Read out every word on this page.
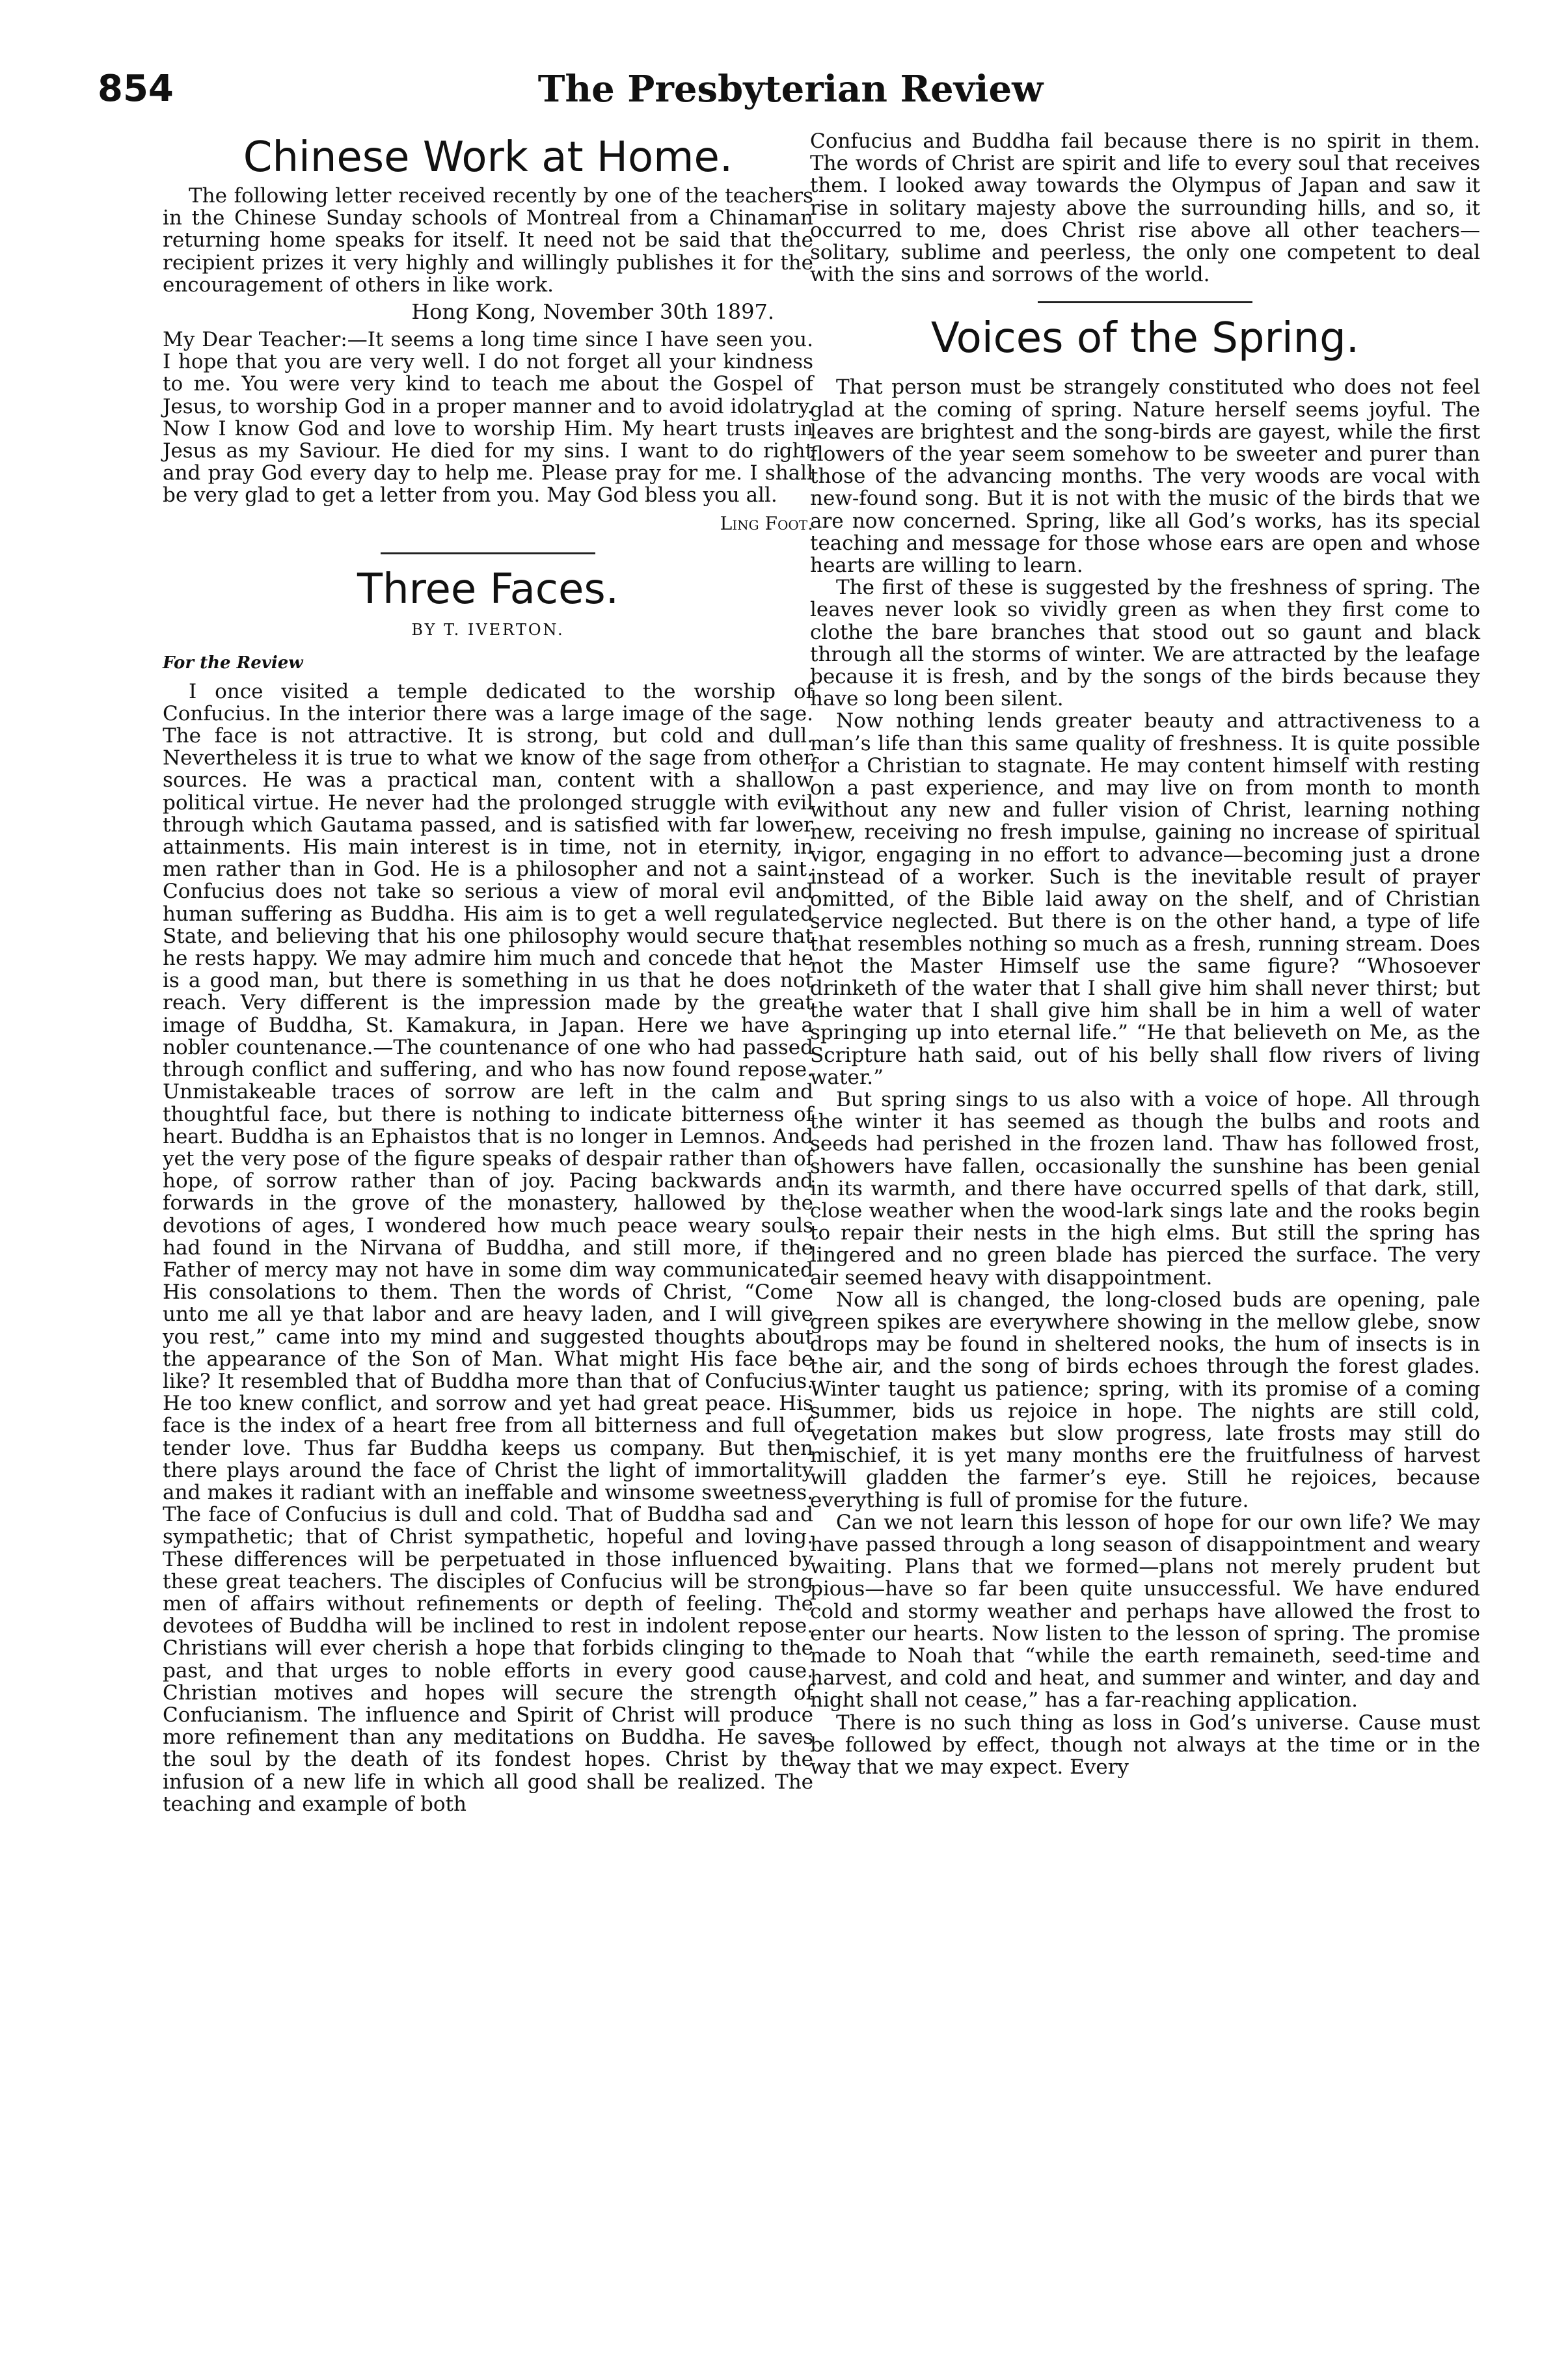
854	The Presbyterian Review
Chinese Work at Home.

The following letter received recently by one of the teachers in the Chinese Sunday schools of Montreal from a Chinaman returning home speaks for itself. It need not be said that the recipient prizes it very highly and willingly publishes it for the encouragement of others in like work.

Hong Kong, November 30th 1897.

My Dear Teacher:—It seems a long time since I have seen you. I hope that you are very well. I do not forget all your kindness to me. You were very kind to teach me about the Gospel of Jesus, to worship God in a proper manner and to avoid idolatry. Now I know God and love to worship Him. My heart trusts in Jesus as my Saviour. He died for my sins. I want to do right and pray God every day to help me. Please pray for me. I shall be very glad to get a letter from you. May God bless you all.

Ling Foot.
Three Faces.
BY T. IVERTON.
For the Review

I once visited a temple dedicated to the worship of Confucius. In the interior there was a large image of the sage. The face is not attractive. It is strong, but cold and dull. Nevertheless it is true to what we know of the sage from other sources. He was a practical man, content with a shallow political virtue. He never had the prolonged struggle with evil through which Gautama passed, and is satisfied with far lower attainments. His main interest is in time, not in eternity, in men rather than in God. He is a philosopher and not a saint. Confucius does not take so serious a view of moral evil and human suffering as Buddha. His aim is to get a well regulated State, and believing that his one philosophy would secure that he rests happy. We may admire him much and concede that he is a good man, but there is something in us that he does not reach. Very different is the impression made by the great image of Buddha, St. Kamakura, in Japan. Here we have a nobler countenance.—The countenance of one who had passed through conflict and suffering, and who has now found repose. Unmistakeable traces of sorrow are left in the calm and thoughtful face, but there is nothing to indicate bitterness of heart. Buddha is an Ephaistos that is no longer in Lemnos. And yet the very pose of the figure speaks of despair rather than of hope, of sorrow rather than of joy. Pacing backwards and forwards in the grove of the monastery, hallowed by the devotions of ages, I wondered how much peace weary souls had found in the Nirvana of Buddha, and still more, if the Father of mercy may not have in some dim way communicated His consolations to them. Then the words of Christ, “Come unto me all ye that labor and are heavy laden, and I will give you rest,” came into my mind and suggested thoughts about the appearance of the Son of Man. What might His face be like? It resembled that of Buddha more than that of Confucius. He too knew conflict, and sorrow and yet had great peace. His face is the index of a heart free from all bitterness and full of tender love. Thus far Buddha keeps us company. But then there plays around the face of Christ the light of immortality and makes it radiant with an ineffable and winsome sweetness. The face of Confucius is dull and cold. That of Buddha sad and sympathetic; that of Christ sympathetic, hopeful and loving. These differences will be perpetuated in those influenced by these great teachers. The disciples of Confucius will be strong men of affairs without refinements or depth of feeling. The devotees of Buddha will be inclined to rest in indolent repose. Christians will ever cherish a hope that forbids clinging to the past, and that urges to noble efforts in every good cause. Christian motives and hopes will secure the strength of Confucianism. The influence and Spirit of Christ will produce more refinement than any meditations on Buddha. He saves the soul by the death of its fondest hopes. Christ by the infusion of a new life in which all good shall be realized. The teaching and example of both

Confucius and Buddha fail because there is no spirit in them. The words of Christ are spirit and life to every soul that receives them. I looked away towards the Olympus of Japan and saw it rise in solitary majesty above the surrounding hills, and so, it occurred to me, does Christ rise above all other teachers—solitary, sublime and peerless, the only one competent to deal with the sins and sorrows of the world.

Voices of the Spring.

That person must be strangely constituted who does not feel glad at the coming of spring. Nature herself seems joyful. The leaves are brightest and the song-birds are gayest, while the first flowers of the year seem somehow to be sweeter and purer than those of the advancing months. The very woods are vocal with new-found song. But it is not with the music of the birds that we are now concerned. Spring, like all God’s works, has its special teaching and message for those whose ears are open and whose hearts are willing to learn.

The first of these is suggested by the freshness of spring. The leaves never look so vividly green as when they first come to clothe the bare branches that stood out so gaunt and black through all the storms of winter. We are attracted by the leafage because it is fresh, and by the songs of the birds because they have so long been silent.

Now nothing lends greater beauty and attractiveness to a man’s life than this same quality of freshness. It is quite possible for a Christian to stagnate. He may content himself with resting on a past experience, and may live on from month to month without any new and fuller vision of Christ, learning nothing new, receiving no fresh impulse, gaining no increase of spiritual vigor, engaging in no effort to advance—becoming just a drone instead of a worker. Such is the inevitable result of prayer omitted, of the Bible laid away on the shelf, and of Christian service neglected. But there is on the other hand, a type of life that resembles nothing so much as a fresh, running stream. Does not the Master Himself use the same figure? “Whosoever drinketh of the water that I shall give him shall never thirst; but the water that I shall give him shall be in him a well of water springing up into eternal life.” “He that believeth on Me, as the Scripture hath said, out of his belly shall flow rivers of living water.”

But spring sings to us also with a voice of hope. All through the winter it has seemed as though the bulbs and roots and seeds had perished in the frozen land. Thaw has followed frost, showers have fallen, occasionally the sunshine has been genial in its warmth, and there have occurred spells of that dark, still, close weather when the wood-lark sings late and the rooks begin to repair their nests in the high elms. But still the spring has lingered and no green blade has pierced the surface. The very air seemed heavy with disappointment.

Now all is changed, the long-closed buds are opening, pale green spikes are everywhere showing in the mellow glebe, snow drops may be found in sheltered nooks, the hum of insects is in the air, and the song of birds echoes through the forest glades. Winter taught us patience; spring, with its promise of a coming summer, bids us rejoice in hope. The nights are still cold, vegetation makes but slow progress, late frosts may still do mischief, it is yet many months ere the fruitfulness of harvest will gladden the farmer’s eye. Still he rejoices, because everything is full of promise for the future.

Can we not learn this lesson of hope for our own life? We may have passed through a long season of disappointment and weary waiting. Plans that we formed—plans not merely prudent but pious—have so far been quite unsuccessful. We have endured cold and stormy weather and perhaps have allowed the frost to enter our hearts. Now listen to the lesson of spring. The promise made to Noah that “while the earth remaineth, seed-time and harvest, and cold and heat, and summer and winter, and day and night shall not cease,” has a far-reaching application.

There is no such thing as loss in God’s universe. Cause must be followed by effect, though not always at the time or in the way that we may expect. Every
